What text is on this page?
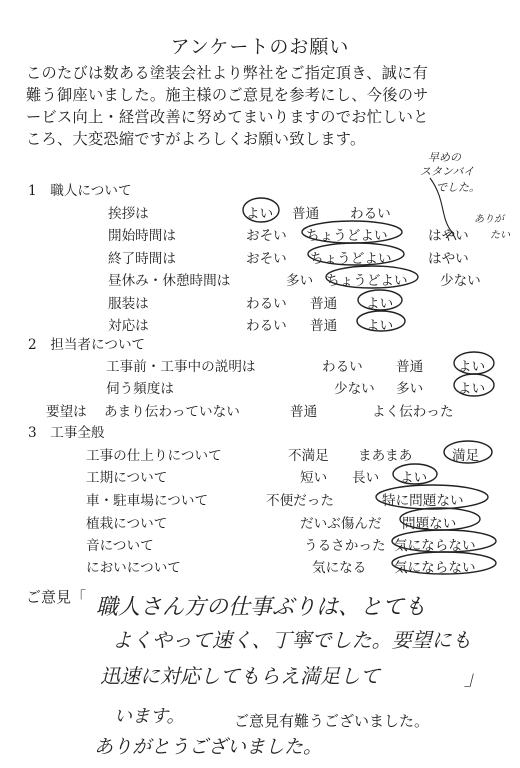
アンケートのお願い
このたびは数ある塗装会社より弊社をご指定頂き、誠に有
難う御座いました。施主様のご意見を参考にし、今後のサ
ービス向上・経営改善に努めてまいりますのでお忙しいと
ころ、大変恐縮ですがよろしくお願い致します。
1　職人について
挨拶は	よい 普通 わるい
開始時間は	おそい ちょうどよい	はやい
終了時間は	おそい ちょうどよい	はやい
昼休み・休憩時間は	多い ちょうどよい 少ない
服装は	わるい 普通 よい
対応は	わるい 普通 よい
早めの
スタンバイ
でした。
ありが
たい
2　担当者について
工事前・工事中の説明は	わるい 普通	よい
伺う頻度は	少ない 多い	よい
要望は あまり伝わっていない	普通	よく伝わった
3　工事全般
工事の仕上りについて	不満足 まあまあ	満足
工期について	短い 長い よい
車・駐車場について	不便だった	特に問題ない
植栽について	だいぶ傷んだ 問題ない
音について	うるさかった 気にならない
においについて	気になる 気にならない
ご意見「 職人さん方の仕事ぶりは、とても
よくやって速く、丁寧でした。要望にも
迅速に対応してもらえ満足して	」
います。	ご意見有難うございました。
ありがとうございました。
